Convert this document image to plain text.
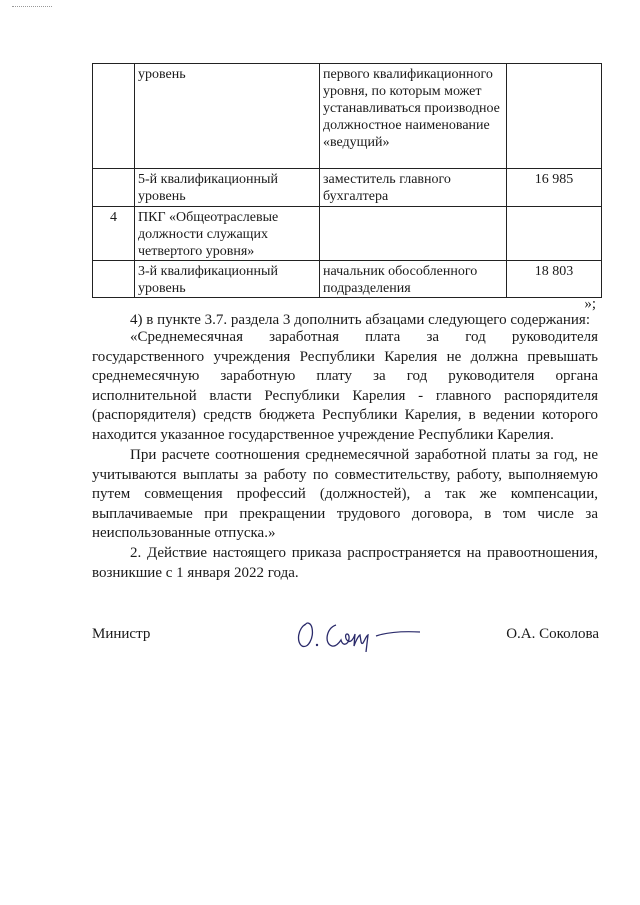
	уровень	первого квалификационного уровня, по которым может устанавливаться производное должностное наименование «ведущий»	
	5-й квалификационный уровень	заместитель главного бухгалтера	16 985
4	ПКГ «Общеотраслевые должности служащих четвертого уровня»		
	3-й квалификационный уровень	начальник обособленного подразделения	18 803
»;

4) в пункте 3.7. раздела 3 дополнить абзацами следующего содержания:

«Среднемесячная заработная плата за год руководителя государственного учреждения Республики Карелия не должна превышать среднемесячную заработную плату за год руководителя органа исполнительной власти Республики Карелия - главного распорядителя (распорядителя) средств бюджета Республики Карелия, в ведении которого находится указанное государственное учреждение Республики Карелия.

При расчете соотношения среднемесячной заработной платы за год, не учитываются выплаты за работу по совместительству, работу, выполняемую путем совмещения профессий (должностей), а так же компенсации, выплачиваемые при прекращении трудового договора, в том числе за неиспользованные отпуска.»

2. Действие настоящего приказа распространяется на правоотношения, возникшие с 1 января 2022 года.

Министр	О.А. Соколова
